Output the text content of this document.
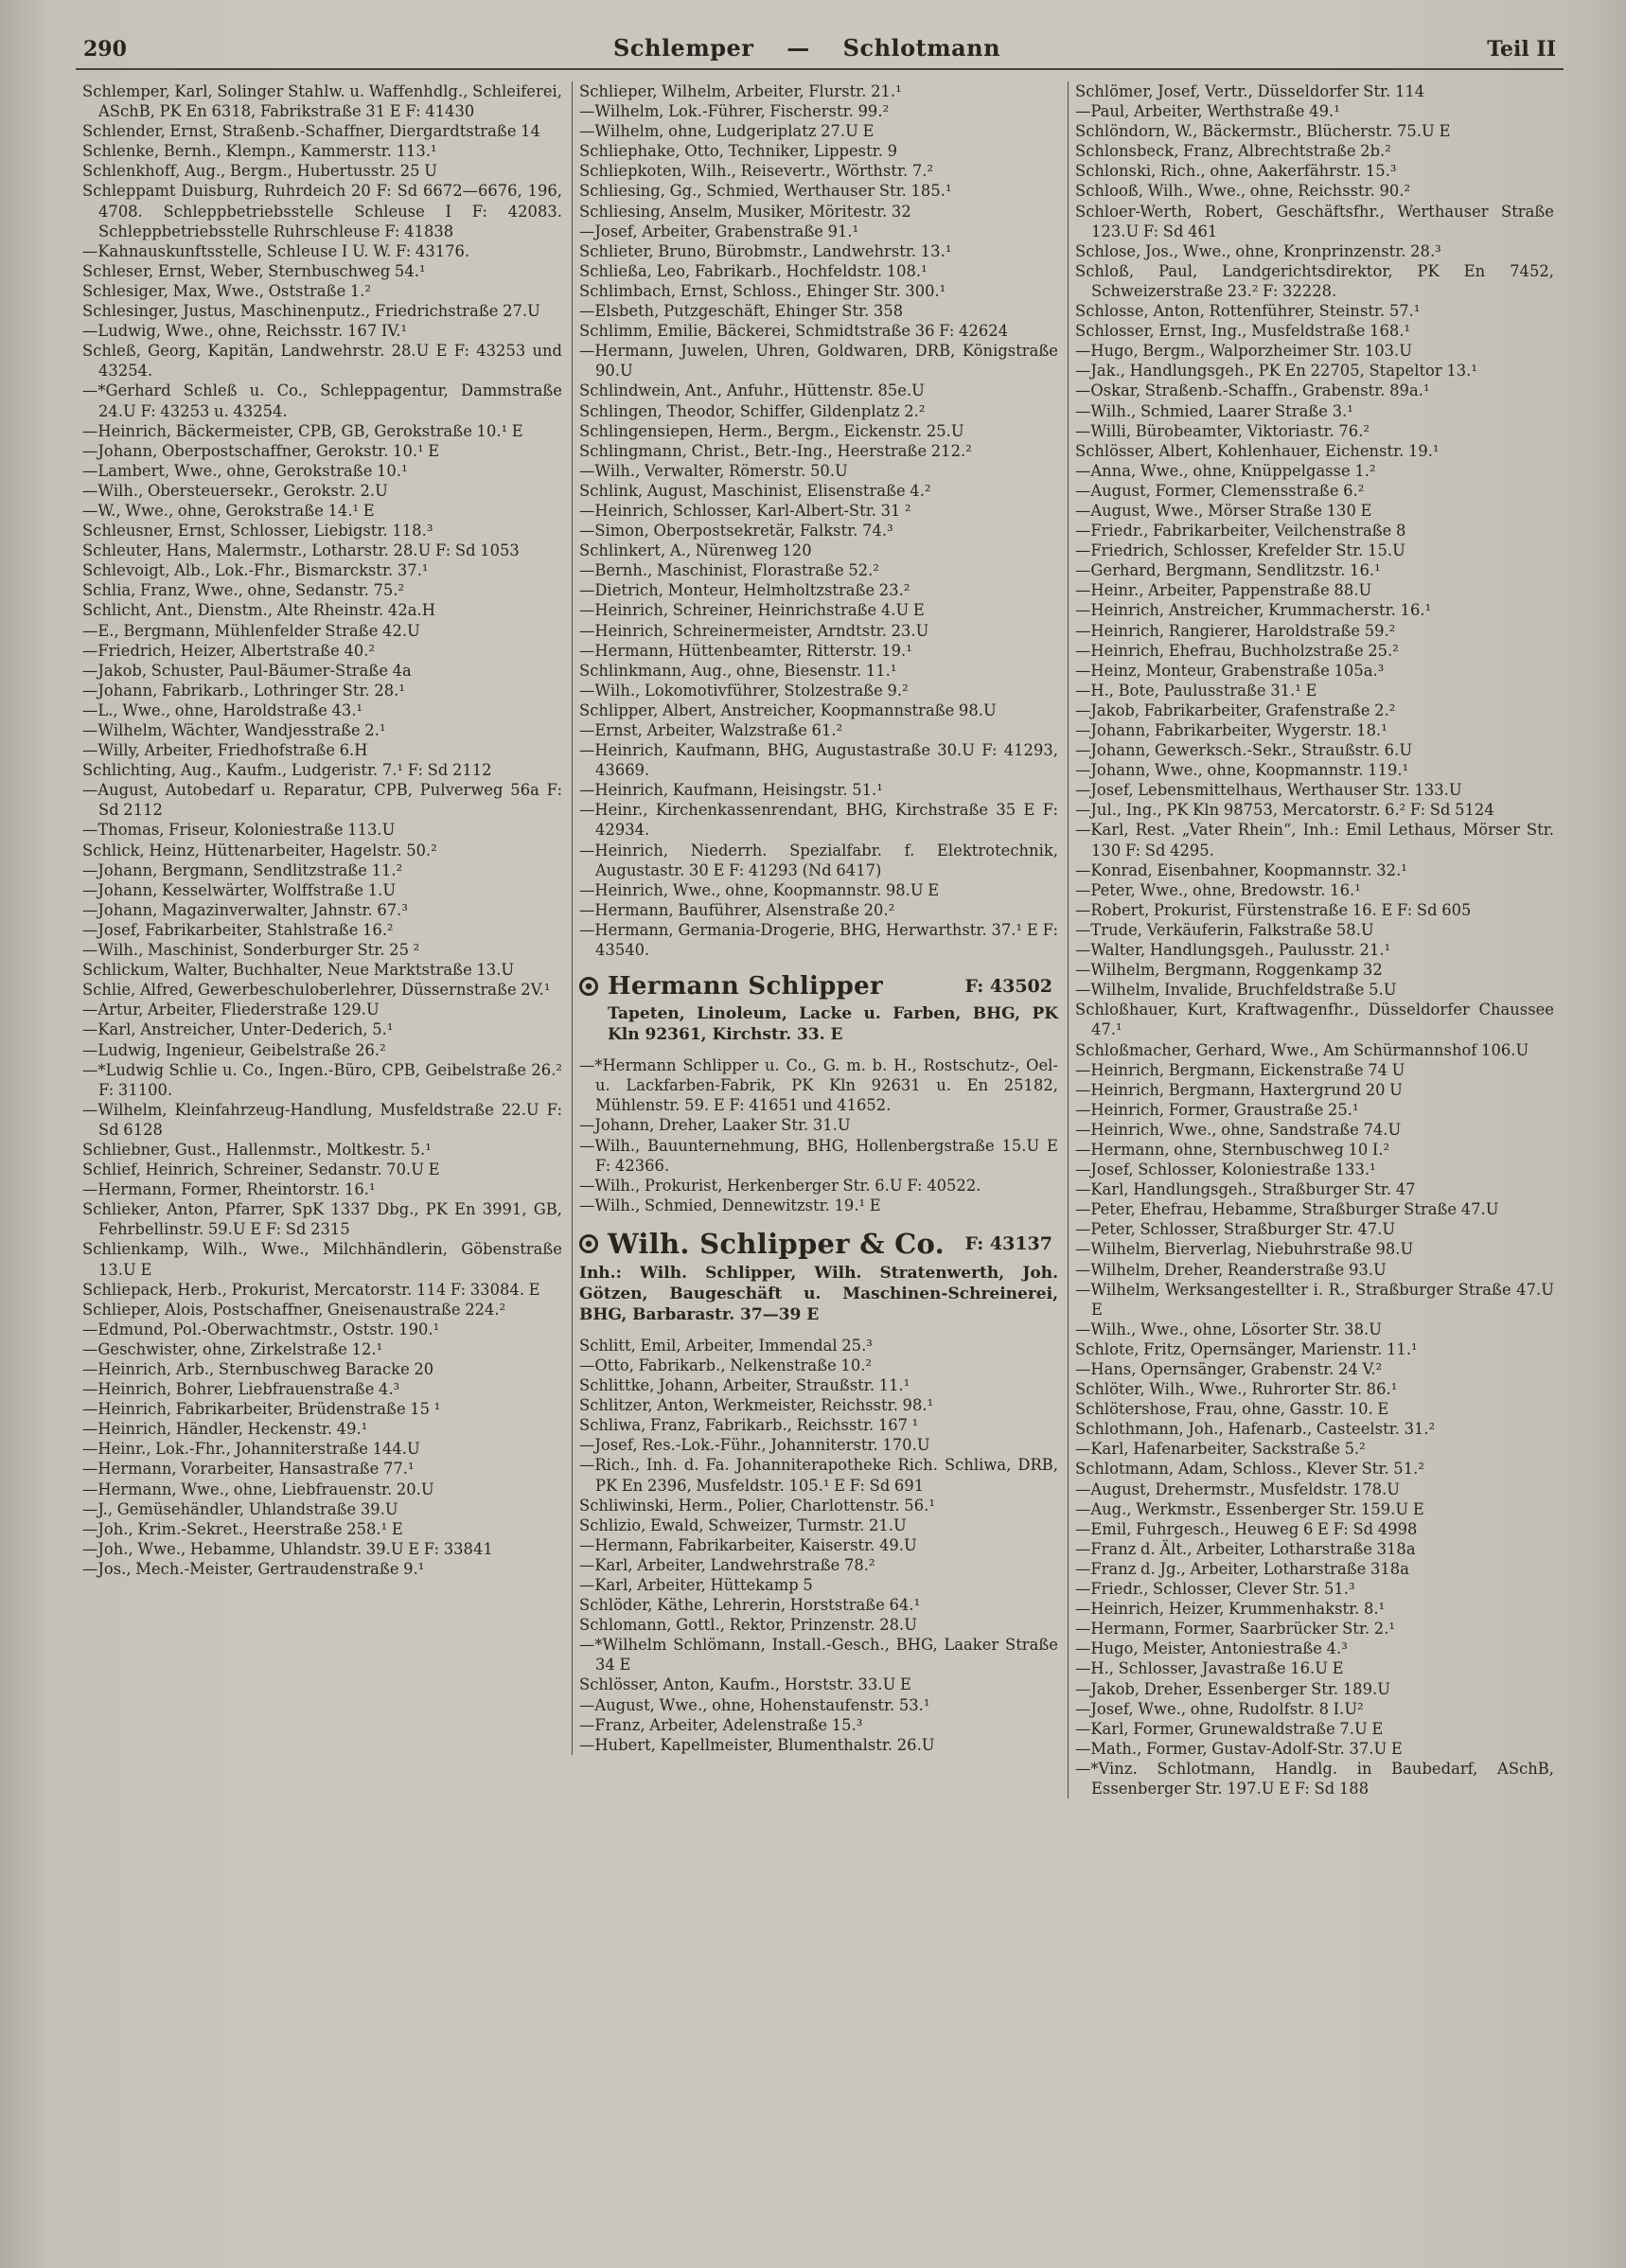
290	Schlemper — Schlotmann	Teil II
Schlemper, Karl, Solinger Stahlw. u. Waffenhdlg., Schleiferei, ASchB, PK En 6318, Fabrikstraße 31 E F: 41430
Schlender, Ernst, Straßenb.-Schaffner, Diergardtstraße 14
Schlenke, Bernh., Klempn., Kammerstr. 113.¹
Schlenkhoff, Aug., Bergm., Hubertusstr. 25 U
Schleppamt Duisburg, Ruhrdeich 20 F: Sd 6672—6676, 196, 4708. Schleppbetriebsstelle Schleuse I F: 42083. Schleppbetriebsstelle Ruhrschleuse F: 41838
—Kahnauskunftsstelle, Schleuse I U. W. F: 43176.
Schleser, Ernst, Weber, Sternbuschweg 54.¹
Schlesiger, Max, Wwe., Oststraße 1.²
Schlesinger, Justus, Maschinenputz., Friedrichstraße 27.U
—Ludwig, Wwe., ohne, Reichsstr. 167 IV.¹
Schleß, Georg, Kapitän, Landwehrstr. 28.U E F: 43253 und 43254.
—*Gerhard Schleß u. Co., Schleppagentur, Dammstraße 24.U F: 43253 u. 43254.
—Heinrich, Bäckermeister, CPB, GB, Gerokstraße 10.¹ E
—Johann, Oberpostschaffner, Gerokstr. 10.¹ E
—Lambert, Wwe., ohne, Gerokstraße 10.¹
—Wilh., Obersteuersekr., Gerokstr. 2.U
—W., Wwe., ohne, Gerokstraße 14.¹ E
Schleusner, Ernst, Schlosser, Liebigstr. 118.³
Schleuter, Hans, Malermstr., Lotharstr. 28.U F: Sd 1053
Schlevoigt, Alb., Lok.-Fhr., Bismarckstr. 37.¹
Schlia, Franz, Wwe., ohne, Sedanstr. 75.²
Schlicht, Ant., Dienstm., Alte Rheinstr. 42a.H
—E., Bergmann, Mühlenfelder Straße 42.U
—Friedrich, Heizer, Albertstraße 40.²
—Jakob, Schuster, Paul-Bäumer-Straße 4a
—Johann, Fabrikarb., Lothringer Str. 28.¹
—L., Wwe., ohne, Haroldstraße 43.¹
—Wilhelm, Wächter, Wandjesstraße 2.¹
—Willy, Arbeiter, Friedhofstraße 6.H
Schlichting, Aug., Kaufm., Ludgeristr. 7.¹ F: Sd 2112
—August, Autobedarf u. Reparatur, CPB, Pulverweg 56a F: Sd 2112
—Thomas, Friseur, Koloniestraße 113.U
Schlick, Heinz, Hüttenarbeiter, Hagelstr. 50.²
—Johann, Bergmann, Sendlitzstraße 11.²
—Johann, Kesselwärter, Wolffstraße 1.U
—Johann, Magazinverwalter, Jahnstr. 67.³
—Josef, Fabrikarbeiter, Stahlstraße 16.²
—Wilh., Maschinist, Sonderburger Str. 25 ²
Schlickum, Walter, Buchhalter, Neue Marktstraße 13.U
Schlie, Alfred, Gewerbeschuloberlehrer, Düssernstraße 2V.¹
—Artur, Arbeiter, Fliederstraße 129.U
—Karl, Anstreicher, Unter-Dederich, 5.¹
—Ludwig, Ingenieur, Geibelstraße 26.²
—*Ludwig Schlie u. Co., Ingen.-Büro, CPB, Geibelstraße 26.² F: 31100.
—Wilhelm, Kleinfahrzeug-Handlung, Musfeldstraße 22.U F: Sd 6128
Schliebner, Gust., Hallenmstr., Moltkestr. 5.¹
Schlief, Heinrich, Schreiner, Sedanstr. 70.U E
—Hermann, Former, Rheintorstr. 16.¹
Schlieker, Anton, Pfarrer, SpK 1337 Dbg., PK En 3991, GB, Fehrbellinstr. 59.U E F: Sd 2315
Schlienkamp, Wilh., Wwe., Milchhändlerin, Göbenstraße 13.U E
Schliepack, Herb., Prokurist, Mercatorstr. 114 F: 33084. E
Schlieper, Alois, Postschaffner, Gneisenaustraße 224.²
—Edmund, Pol.-Oberwachtmstr., Oststr. 190.¹
—Geschwister, ohne, Zirkelstraße 12.¹
—Heinrich, Arb., Sternbuschweg Baracke 20
—Heinrich, Bohrer, Liebfrauenstraße 4.³
—Heinrich, Fabrikarbeiter, Brüdenstraße 15 ¹
—Heinrich, Händler, Heckenstr. 49.¹
—Heinr., Lok.-Fhr., Johanniterstraße 144.U
—Hermann, Vorarbeiter, Hansastraße 77.¹
—Hermann, Wwe., ohne, Liebfrauenstr. 20.U
—J., Gemüsehändler, Uhlandstraße 39.U
—Joh., Krim.-Sekret., Heerstraße 258.¹ E
—Joh., Wwe., Hebamme, Uhlandstr. 39.U E F: 33841
—Jos., Mech.-Meister, Gertraudenstraße 9.¹
Schlieper, Wilhelm, Arbeiter, Flurstr. 21.¹
—Wilhelm, Lok.-Führer, Fischerstr. 99.²
—Wilhelm, ohne, Ludgeriplatz 27.U E
Schliephake, Otto, Techniker, Lippestr. 9
Schliepkoten, Wilh., Reisevertr., Wörthstr. 7.²
Schliesing, Gg., Schmied, Werthauser Str. 185.¹
Schliesing, Anselm, Musiker, Möritestr. 32
—Josef, Arbeiter, Grabenstraße 91.¹
Schlieter, Bruno, Bürobmstr., Landwehrstr. 13.¹
Schließa, Leo, Fabrikarb., Hochfeldstr. 108.¹
Schlimbach, Ernst, Schloss., Ehinger Str. 300.¹
—Elsbeth, Putzgeschäft, Ehinger Str. 358
Schlimm, Emilie, Bäckerei, Schmidtstraße 36 F: 42624
—Hermann, Juwelen, Uhren, Goldwaren, DRB, Königstraße 90.U
Schlindwein, Ant., Anfuhr., Hüttenstr. 85e.U
Schlingen, Theodor, Schiffer, Gildenplatz 2.²
Schlingensiepen, Herm., Bergm., Eickenstr. 25.U
Schlingmann, Christ., Betr.-Ing., Heerstraße 212.²
—Wilh., Verwalter, Römerstr. 50.U
Schlink, August, Maschinist, Elisenstraße 4.²
—Heinrich, Schlosser, Karl-Albert-Str. 31 ²
—Simon, Oberpostsekretär, Falkstr. 74.³
Schlinkert, A., Nürenweg 120
—Bernh., Maschinist, Florastraße 52.²
—Dietrich, Monteur, Helmholtzstraße 23.²
—Heinrich, Schreiner, Heinrichstraße 4.U E
—Heinrich, Schreinermeister, Arndtstr. 23.U
—Hermann, Hüttenbeamter, Ritterstr. 19.¹
Schlinkmann, Aug., ohne, Biesenstr. 11.¹
—Wilh., Lokomotivführer, Stolzestraße 9.²
Schlipper, Albert, Anstreicher, Koopmannstraße 98.U
—Ernst, Arbeiter, Walzstraße 61.²
—Heinrich, Kaufmann, BHG, Augustastraße 30.U F: 41293, 43669.
—Heinrich, Kaufmann, Heisingstr. 51.¹
—Heinr., Kirchenkassenrendant, BHG, Kirchstraße 35 E F: 42934.
—Heinrich, Niederrh. Spezialfabr. f. Elektrotechnik, Augustastr. 30 E F: 41293 (Nd 6417)
—Heinrich, Wwe., ohne, Koopmannstr. 98.U E
—Hermann, Bauführer, Alsenstraße 20.²
—Hermann, Germania-Drogerie, BHG, Herwarthstr. 37.¹ E F: 43540.
Hermann Schlipper	F: 43502
Tapeten, Linoleum, Lacke u. Farben, BHG, PK Kln 92361, Kirchstr. 33. E
—*Hermann Schlipper u. Co., G. m. b. H., Rostschutz-, Oel- u. Lackfarben-Fabrik, PK Kln 92631 u. En 25182, Mühlenstr. 59. E F: 41651 und 41652.
—Johann, Dreher, Laaker Str. 31.U
—Wilh., Bauunternehmung, BHG, Hollenbergstraße 15.U E F: 42366.
—Wilh., Prokurist, Herkenberger Str. 6.U F: 40522.
—Wilh., Schmied, Dennewitzstr. 19.¹ E
Wilh. Schlipper & Co. F: 43137
Inh.: Wilh. Schlipper, Wilh. Stratenwerth, Joh. Götzen, Baugeschäft u. Maschinen-Schreinerei, BHG, Barbarastr. 37—39 E
Schlitt, Emil, Arbeiter, Immendal 25.³
—Otto, Fabrikarb., Nelkenstraße 10.²
Schlittke, Johann, Arbeiter, Straußstr. 11.¹
Schlitzer, Anton, Werkmeister, Reichsstr. 98.¹
Schliwa, Franz, Fabrikarb., Reichsstr. 167 ¹
—Josef, Res.-Lok.-Führ., Johanniterstr. 170.U
—Rich., Inh. d. Fa. Johanniterapotheke Rich. Schliwa, DRB, PK En 2396, Musfeldstr. 105.¹ E F: Sd 691
Schliwinski, Herm., Polier, Charlottenstr. 56.¹
Schlizio, Ewald, Schweizer, Turmstr. 21.U
—Hermann, Fabrikarbeiter, Kaiserstr. 49.U
—Karl, Arbeiter, Landwehrstraße 78.²
—Karl, Arbeiter, Hüttekamp 5
Schlöder, Käthe, Lehrerin, Horststraße 64.¹
Schlomann, Gottl., Rektor, Prinzenstr. 28.U
—*Wilhelm Schlömann, Install.-Gesch., BHG, Laaker Straße 34 E
Schlösser, Anton, Kaufm., Horststr. 33.U E
—August, Wwe., ohne, Hohenstaufenstr. 53.¹
—Franz, Arbeiter, Adelenstraße 15.³
—Hubert, Kapellmeister, Blumenthalstr. 26.U
Schlömer, Josef, Vertr., Düsseldorfer Str. 114
—Paul, Arbeiter, Werthstraße 49.¹
Schlöndorn, W., Bäckermstr., Blücherstr. 75.U E
Schlonsbeck, Franz, Albrechtstraße 2b.²
Schlonski, Rich., ohne, Aakerfährstr. 15.³
Schlooß, Wilh., Wwe., ohne, Reichsstr. 90.²
Schloer-Werth, Robert, Geschäftsfhr., Werthauser Straße 123.U F: Sd 461
Schlose, Jos., Wwe., ohne, Kronprinzenstr. 28.³
Schloß, Paul, Landgerichtsdirektor, PK En 7452, Schweizerstraße 23.² F: 32228.
Schlosse, Anton, Rottenführer, Steinstr. 57.¹
Schlosser, Ernst, Ing., Musfeldstraße 168.¹
—Hugo, Bergm., Walporzheimer Str. 103.U
—Jak., Handlungsgeh., PK En 22705, Stapeltor 13.¹
—Oskar, Straßenb.-Schaffn., Grabenstr. 89a.¹
—Wilh., Schmied, Laarer Straße 3.¹
—Willi, Bürobeamter, Viktoriastr. 76.²
Schlösser, Albert, Kohlenhauer, Eichenstr. 19.¹
—Anna, Wwe., ohne, Knüppelgasse 1.²
—August, Former, Clemensstraße 6.²
—August, Wwe., Mörser Straße 130 E
—Friedr., Fabrikarbeiter, Veilchenstraße 8
—Friedrich, Schlosser, Krefelder Str. 15.U
—Gerhard, Bergmann, Sendlitzstr. 16.¹
—Heinr., Arbeiter, Pappenstraße 88.U
—Heinrich, Anstreicher, Krummacherstr. 16.¹
—Heinrich, Rangierer, Haroldstraße 59.²
—Heinrich, Ehefrau, Buchholzstraße 25.²
—Heinz, Monteur, Grabenstraße 105a.³
—H., Bote, Paulusstraße 31.¹ E
—Jakob, Fabrikarbeiter, Grafenstraße 2.²
—Johann, Fabrikarbeiter, Wygerstr. 18.¹
—Johann, Gewerksch.-Sekr., Straußstr. 6.U
—Johann, Wwe., ohne, Koopmannstr. 119.¹
—Josef, Lebensmittelhaus, Werthauser Str. 133.U
—Jul., Ing., PK Kln 98753, Mercatorstr. 6.² F: Sd 5124
—Karl, Rest. „Vater Rhein“, Inh.: Emil Lethaus, Mörser Str. 130 F: Sd 4295.
—Konrad, Eisenbahner, Koopmannstr. 32.¹
—Peter, Wwe., ohne, Bredowstr. 16.¹
—Robert, Prokurist, Fürstenstraße 16. E F: Sd 605
—Trude, Verkäuferin, Falkstraße 58.U
—Walter, Handlungsgeh., Paulusstr. 21.¹
—Wilhelm, Bergmann, Roggenkamp 32
—Wilhelm, Invalide, Bruchfeldstraße 5.U
Schloßhauer, Kurt, Kraftwagenfhr., Düsseldorfer Chaussee 47.¹
Schloßmacher, Gerhard, Wwe., Am Schürmannshof 106.U
—Heinrich, Bergmann, Eickenstraße 74 U
—Heinrich, Bergmann, Haxtergrund 20 U
—Heinrich, Former, Graustraße 25.¹
—Heinrich, Wwe., ohne, Sandstraße 74.U
—Hermann, ohne, Sternbuschweg 10 I.²
—Josef, Schlosser, Koloniestraße 133.¹
—Karl, Handlungsgeh., Straßburger Str. 47
—Peter, Ehefrau, Hebamme, Straßburger Straße 47.U
—Peter, Schlosser, Straßburger Str. 47.U
—Wilhelm, Bierverlag, Niebuhrstraße 98.U
—Wilhelm, Dreher, Reanderstraße 93.U
—Wilhelm, Werksangestellter i. R., Straßburger Straße 47.U E
—Wilh., Wwe., ohne, Lösorter Str. 38.U
Schlote, Fritz, Opernsänger, Marienstr. 11.¹
—Hans, Opernsänger, Grabenstr. 24 V.²
Schlöter, Wilh., Wwe., Ruhrorter Str. 86.¹
Schlötershose, Frau, ohne, Gasstr. 10. E
Schlothmann, Joh., Hafenarb., Casteelstr. 31.²
—Karl, Hafenarbeiter, Sackstraße 5.²
Schlotmann, Adam, Schloss., Klever Str. 51.²
—August, Drehermstr., Musfeldstr. 178.U
—Aug., Werkmstr., Essenberger Str. 159.U E
—Emil, Fuhrgesch., Heuweg 6 E F: Sd 4998
—Franz d. Ält., Arbeiter, Lotharstraße 318a
—Franz d. Jg., Arbeiter, Lotharstraße 318a
—Friedr., Schlosser, Clever Str. 51.³
—Heinrich, Heizer, Krummenhakstr. 8.¹
—Hermann, Former, Saarbrücker Str. 2.¹
—Hugo, Meister, Antoniestraße 4.³
—H., Schlosser, Javastraße 16.U E
—Jakob, Dreher, Essenberger Str. 189.U
—Josef, Wwe., ohne, Rudolfstr. 8 I.U²
—Karl, Former, Grunewaldstraße 7.U E
—Math., Former, Gustav-Adolf-Str. 37.U E
—*Vinz. Schlotmann, Handlg. in Baubedarf, ASchB, Essenberger Str. 197.U E F: Sd 188
